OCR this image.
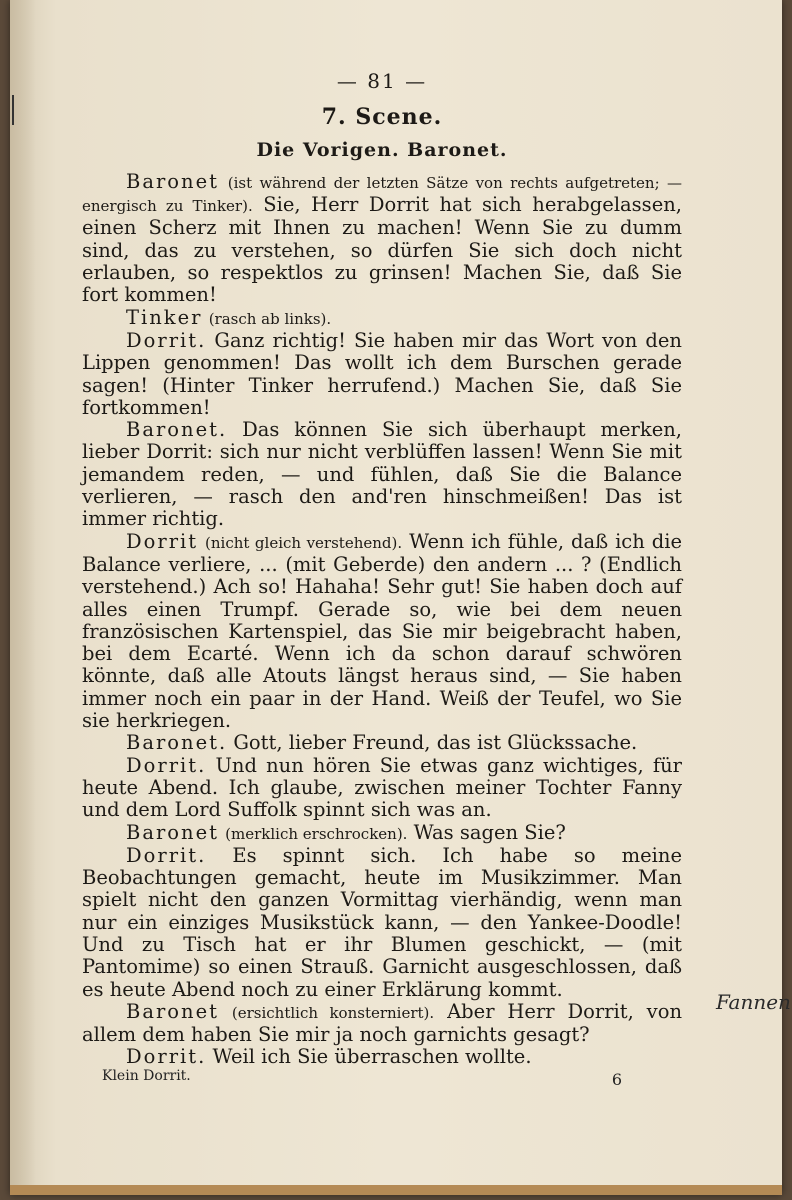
— 81 —
7. Scene.
Die Vorigen. Baronet.

Baronet (ist während der letzten Sätze von rechts aufgetreten; — energisch zu Tinker). Sie, Herr Dorrit hat sich herabgelassen, einen Scherz mit Ihnen zu machen! Wenn Sie zu dumm sind, das zu verstehen, so dürfen Sie sich doch nicht erlauben, so respektlos zu grinsen! Machen Sie, daß Sie fort kommen!

Tinker (rasch ab links).

Dorrit. Ganz richtig! Sie haben mir das Wort von den Lippen genommen! Das wollt ich dem Burschen gerade sagen! (Hinter Tinker herrufend.) Machen Sie, daß Sie fortkommen!

Baronet. Das können Sie sich überhaupt merken, lieber Dorrit: sich nur nicht verblüffen lassen! Wenn Sie mit jemandem reden, — und fühlen, daß Sie die Balance verlieren, — rasch den and'ren hinschmeißen! Das ist immer richtig.

Dorrit (nicht gleich verstehend). Wenn ich fühle, daß ich die Balance verliere, ... (mit Geberde) den andern ... ? (Endlich verstehend.) Ach so! Hahaha! Sehr gut! Sie haben doch auf alles einen Trumpf. Gerade so, wie bei dem neuen französischen Kartenspiel, das Sie mir beigebracht haben, bei dem Ecarté. Wenn ich da schon darauf schwören könnte, daß alle Atouts längst heraus sind, — Sie haben immer noch ein paar in der Hand. Weiß der Teufel, wo Sie sie herkriegen.

Baronet. Gott, lieber Freund, das ist Glückssache.

Dorrit. Und nun hören Sie etwas ganz wichtiges, für heute Abend. Ich glaube, zwischen meiner Tochter Fanny und dem Lord Suffolk spinnt sich was an.

Baronet (merklich erschrocken). Was sagen Sie?

Dorrit. Es spinnt sich. Ich habe so meine Beobachtungen gemacht, heute im Musikzimmer. Man spielt nicht den ganzen Vormittag vierhändig, wenn man nur ein einziges Musikstück kann, — den Yankee-Doodle! Und zu Tisch hat er ihr Blumen geschickt, — (mit Pantomime) so einen Strauß. Garnicht ausgeschlossen, daß es heute Abend noch zu einer Erklärung kommt.

Baronet (ersichtlich konsterniert). Aber Herr Dorrit, von allem dem haben Sie mir ja noch garnichts gesagt?

Dorrit. Weil ich Sie überraschen wollte.

Klein Dorrit.	6
Fannen
